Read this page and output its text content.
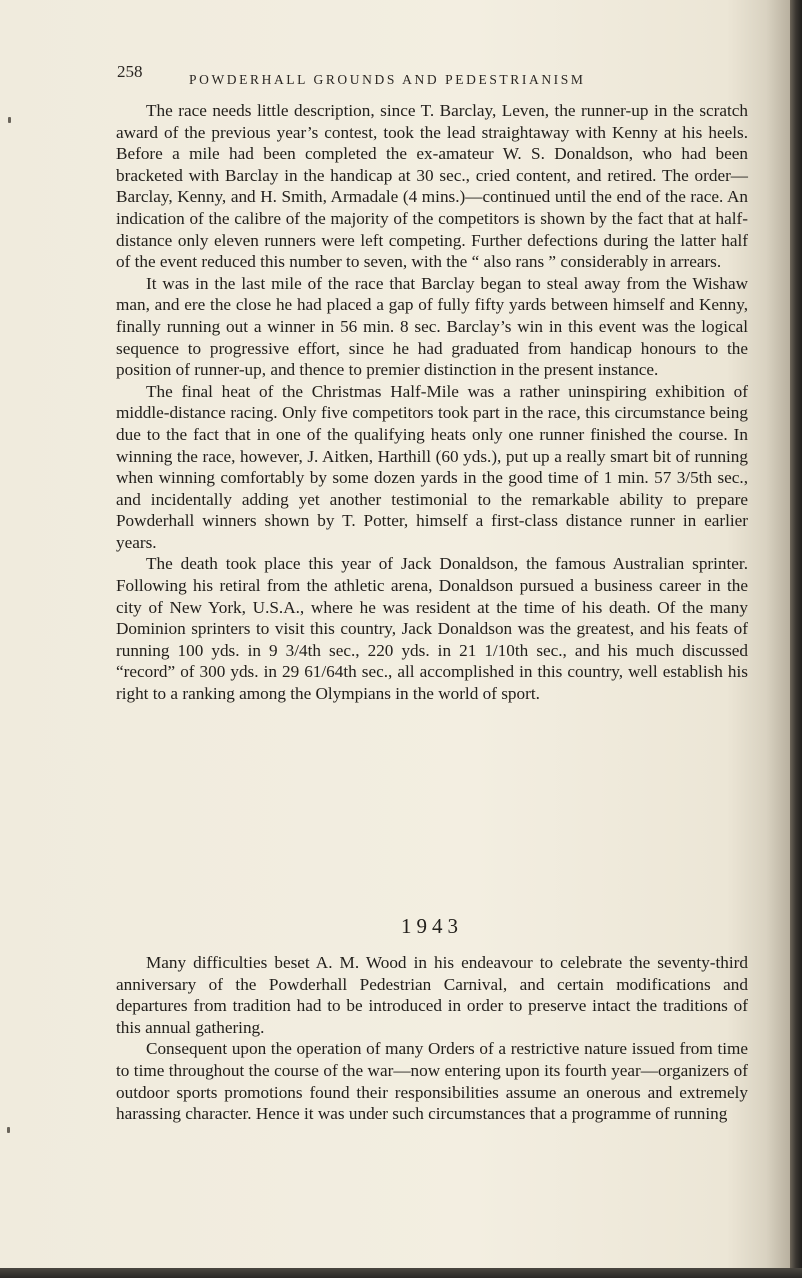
258	POWDERHALL GROUNDS AND PEDESTRIANISM

The race needs little description, since T. Barclay, Leven, the runner-up in the scratch award of the previous year’s contest, took the lead straightaway with Kenny at his heels. Before a mile had been completed the ex-amateur W. S. Donaldson, who had been bracketed with Barclay in the handicap at 30 sec., cried content, and retired. The order—Barclay, Kenny, and H. Smith, Armadale (4 mins.)—continued until the end of the race. An indication of the calibre of the majority of the competitors is shown by the fact that at half-distance only eleven runners were left competing. Further defections during the latter half of the event reduced this number to seven, with the “ also rans ” considerably in arrears.

It was in the last mile of the race that Barclay began to steal away from the Wishaw man, and ere the close he had placed a gap of fully fifty yards between himself and Kenny, finally running out a winner in 56 min. 8 sec. Barclay’s win in this event was the logical sequence to progressive effort, since he had graduated from handicap honours to the position of runner-up, and thence to premier distinction in the present instance.

The final heat of the Christmas Half-Mile was a rather uninspiring exhibition of middle-distance racing. Only five competitors took part in the race, this circumstance being due to the fact that in one of the qualifying heats only one runner finished the course. In winning the race, however, J. Aitken, Harthill (60 yds.), put up a really smart bit of running when winning comfortably by some dozen yards in the good time of 1 min. 57 3/5th sec., and incidentally adding yet another testimonial to the remarkable ability to prepare Powderhall winners shown by T. Potter, himself a first-class distance runner in earlier years.

The death took place this year of Jack Donaldson, the famous Australian sprinter. Following his retiral from the athletic arena, Donaldson pursued a business career in the city of New York, U.S.A., where he was resident at the time of his death. Of the many Dominion sprinters to visit this country, Jack Donaldson was the greatest, and his feats of running 100 yds. in 9 3/4th sec., 220 yds. in 21 1/10th sec., and his much discussed “record” of 300 yds. in 29 61/64th sec., all accomplished in this country, well establish his right to a ranking among the Olympians in the world of sport.

1943

Many difficulties beset A. M. Wood in his endeavour to celebrate the seventy-third anniversary of the Powderhall Pedestrian Carnival, and certain modifications and departures from tradition had to be introduced in order to preserve intact the traditions of this annual gathering.

Consequent upon the operation of many Orders of a restrictive nature issued from time to time throughout the course of the war—now entering upon its fourth year—organizers of outdoor sports promotions found their responsibilities assume an onerous and extremely harassing character. Hence it was under such circumstances that a programme of running
